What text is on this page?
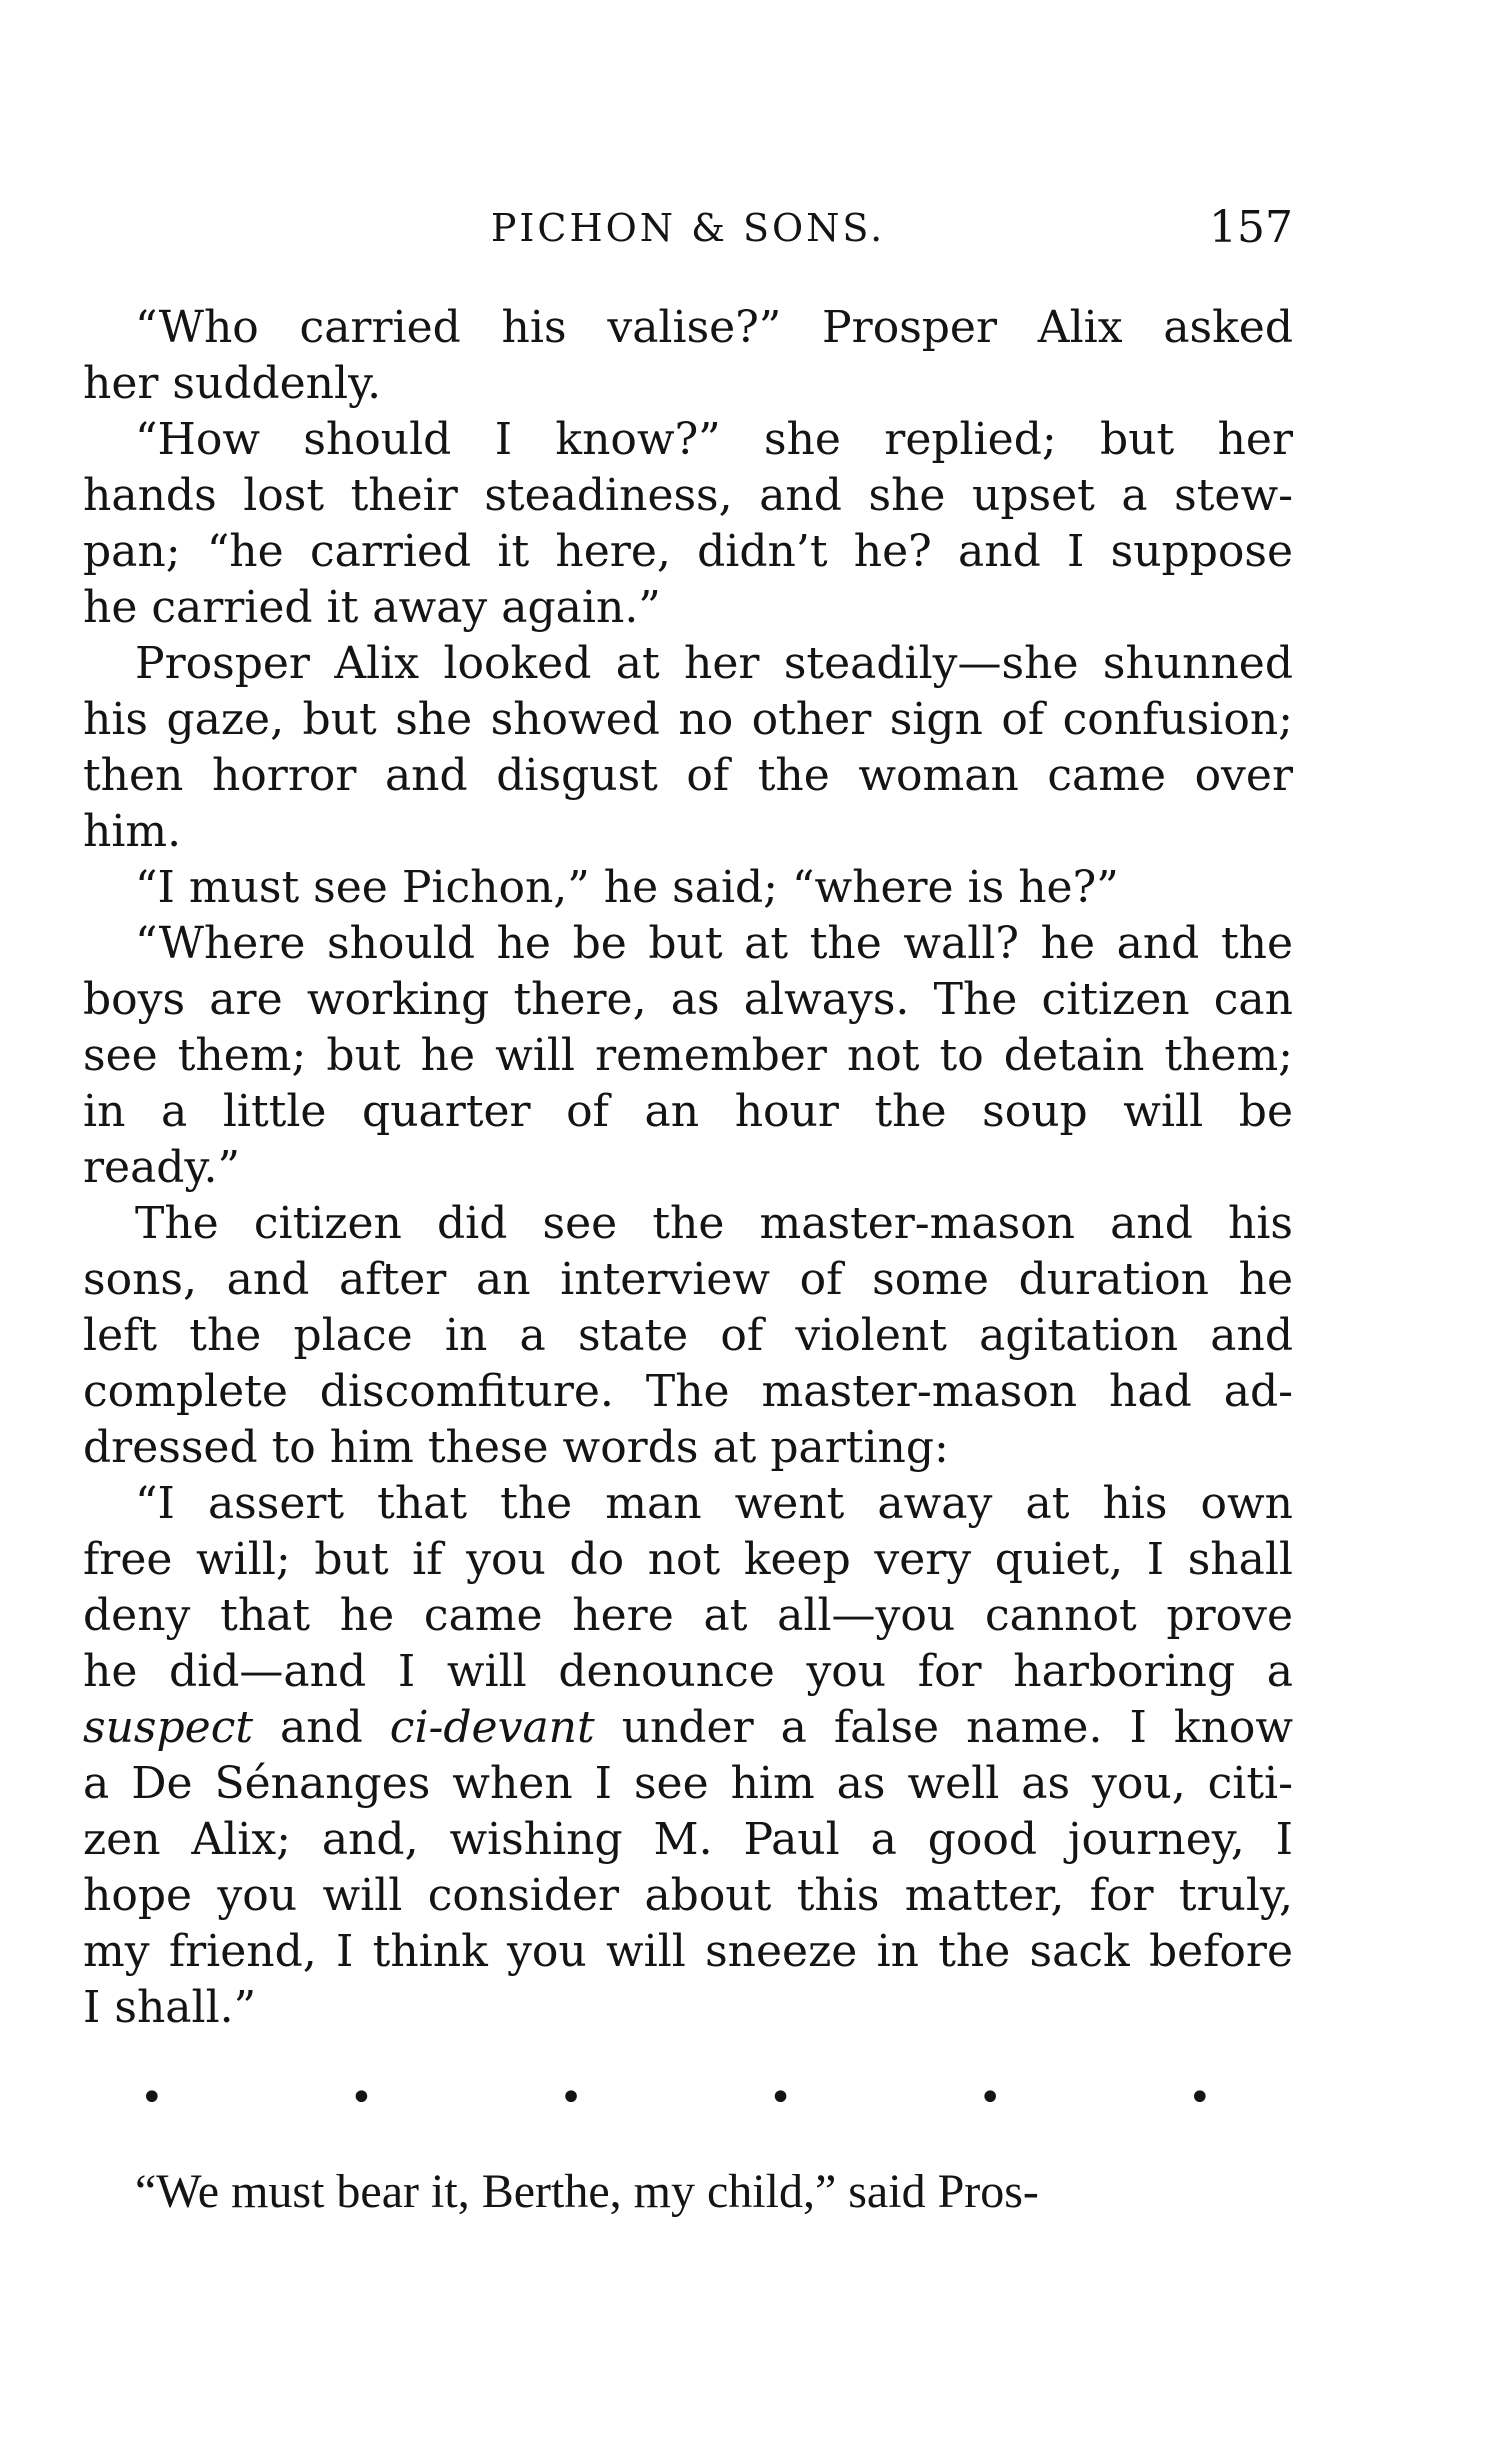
PICHON & SONS.	157
“Who carried his valise?” Prosper Alix asked
her suddenly.
“How should I know?” she replied; but her
hands lost their steadiness, and she upset a stew-
pan; “he carried it here, didn’t he? and I suppose
he carried it away again.”
Prosper Alix looked at her steadily—she shunned
his gaze, but she showed no other sign of confusion;
then horror and disgust of the woman came over
him.
“I must see Pichon,” he said; “where is he?”
“Where should he be but at the wall? he and the
boys are working there, as always. The citizen can
see them; but he will remember not to detain them;
in a little quarter of an hour the soup will be
ready.”
The citizen did see the master-mason and his
sons, and after an interview of some duration he
left the place in a state of violent agitation and
complete discomfiture. The master-mason had ad-
dressed to him these words at parting:
“I assert that the man went away at his own
free will; but if you do not keep very quiet, I shall
deny that he came here at all—you cannot prove
he did—and I will denounce you for harboring a
suspect and ci-devant under a false name. I know
a De Sénanges when I see him as well as you, citi-
zen Alix; and, wishing M. Paul a good journey, I
hope you will consider about this matter, for truly,
my friend, I think you will sneeze in the sack before
I shall.”
•	•	•	•	•	•
“We must bear it, Berthe, my child,” said Pros-
